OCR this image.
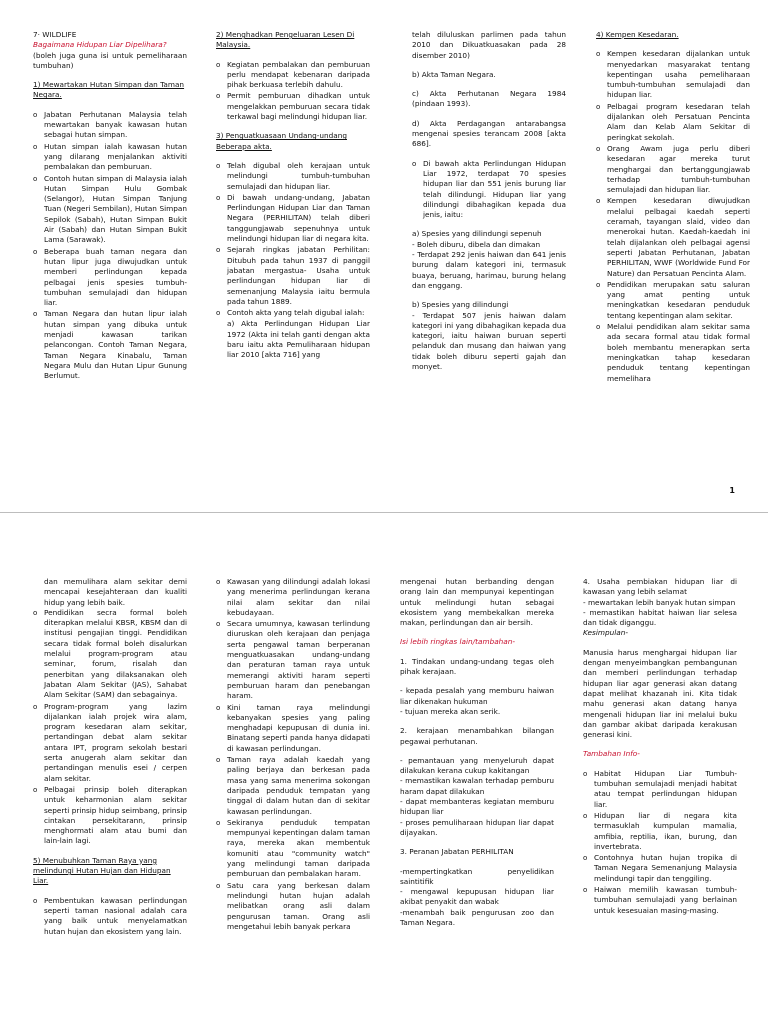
7· WILDLIFE

Bagaimana Hidupan Liar Dipelihara?

(boleh juga guna isi untuk pemeliharaan tumbuhan)

1) Mewartakan Hutan Simpan dan Taman Negara.

o Jabatan Perhutanan Malaysia telah mewartakan banyak kawasan hutan sebagai hutan simpan.
o Hutan simpan ialah kawasan hutan yang dilarang menjalankan aktiviti pembalakan dan pemburuan.
o Contoh hutan simpan di Malaysia ialah Hutan Simpan Hulu Gombak (Selangor), Hutan Simpan Tanjung Tuan (Negeri Sembilan), Hutan Simpan Sepilok (Sabah), Hutan Simpan Bukit Air (Sabah) dan Hutan Simpan Bukit Lama (Sarawak).
o Beberapa buah taman negara dan hutan lipur juga diwujudkan untuk memberi perlindungan kepada pelbagai jenis spesies tumbuh-tumbuhan semulajadi dan hidupan liar.
o Taman Negara dan hutan lipur ialah hutan simpan yang dibuka untuk menjadi kawasan tarikan pelancongan. Contoh Taman Negara, Taman Negara Kinabalu, Taman Negara Mulu dan Hutan Lipur Gunung Berlumut.

2) Menghadkan Pengeluaran Lesen Di Malaysia.

o Kegiatan pembalakan dan pemburuan perlu mendapat kebenaran daripada pihak berkuasa terlebih dahulu.
o Permit pemburuan dihadkan untuk mengelakkan pemburuan secara tidak terkawal bagi melindungi hidupan liar.

3) Penguatkuasaan Undang-undang Beberapa akta.

o Telah digubal oleh kerajaan untuk melindungi tumbuh-tumbuhan semulajadi dan hidupan liar.
o Di bawah undang-undang, Jabatan Perlindungan Hidupan Liar dan Taman Negara (PERHILITAN) telah diberi tanggungjawab sepenuhnya untuk melindungi hidupan liar di negara kita.
o Sejarah ringkas jabatan Perhilitan: Ditubuh pada tahun 1937 di panggil jabatan mergastua- Usaha untuk perlindungan hidupan liar di semenanjung Malaysia iaitu bermula pada tahun 1889.
o Contoh akta yang telah digubal ialah:

a) Akta Perlindungan Hidupan Liar 1972 (Akta ini telah ganti dengan akta baru iaitu akta Pemuliharaan hidupan liar 2010 [akta 716] yang

telah diluluskan parlimen pada tahun 2010 dan Dikuatkuasakan pada 28 disember 2010)

b) Akta Taman Negara.

c) Akta Perhutanan Negara 1984 (pindaan 1993).

d) Akta Perdagangan antarabangsa mengenai spesies terancam 2008 [akta 686].

o Di bawah akta Perlindungan Hidupan Liar 1972, terdapat 70 spesies hidupan liar dan 551 jenis burung liar telah dilindungi. Hidupan liar yang dilindungi dibahagikan kepada dua jenis, iaitu:

a) Spesies yang dilindungi sepenuh

- Boleh diburu, dibela dan dimakan

- Terdapat 292 jenis haiwan dan 641 jenis burung dalam kategori ini, termasuk buaya, beruang, harimau, burung helang dan enggang.

b) Spesies yang dilindungi

- Terdapat 507 jenis haiwan dalam kategori ini yang dibahagikan kepada dua kategori, iaitu haiwan buruan seperti pelanduk dan musang dan haiwan yang tidak boleh diburu seperti gajah dan monyet.

4) Kempen Kesedaran.

o Kempen kesedaran dijalankan untuk menyedarkan masyarakat tentang kepentingan usaha pemeliharaan tumbuh-tumbuhan semulajadi dan hidupan liar.
o Pelbagai program kesedaran telah dijalankan oleh Persatuan Pencinta Alam dan Kelab Alam Sekitar di peringkat sekolah.
o Orang Awam juga perlu diberi kesedaran agar mereka turut menghargai dan bertanggungjawab terhadap tumbuh-tumbuhan semulajadi dan hidupan liar.
o Kempen kesedaran diwujudkan melalui pelbagai kaedah seperti ceramah, tayangan slaid, video dan menerokai hutan. Kaedah-kaedah ini telah dijalankan oleh pelbagai agensi seperti Jabatan Perhutanan, Jabatan PERHILITAN, WWF (Worldwide Fund For Nature) dan Persatuan Pencinta Alam.
o Pendidikan merupakan satu saluran yang amat penting untuk meningkatkan kesedaran penduduk tentang kepentingan alam sekitar.
o Melalui pendidikan alam sekitar sama ada secara formal atau tidak formal boleh membantu menerapkan serta meningkatkan tahap kesedaran penduduk tentang kepentingan memelihara
1

dan memulihara alam sekitar demi mencapai kesejahteraan dan kualiti hidup yang lebih baik.

o Pendidikan secra formal boleh diterapkan melalui KBSR, KBSM dan di institusi pengajian tinggi. Pendidikan secara tidak formal boleh disalurkan melalui program-program atau seminar, forum, risalah dan penerbitan yang dilaksanakan oleh Jabatan Alam Sekitar (JAS), Sahabat Alam Sekitar (SAM) dan sebagainya.
o Program-program yang lazim dijalankan ialah projek wira alam, program kesedaran alam sekitar, pertandingan debat alam sekitar antara IPT, program sekolah bestari serta anugerah alam sekitar dan pertandingan menulis esei / cerpen alam sekitar.
o Pelbagai prinsip boleh diterapkan untuk keharmonian alam sekitar seperti prinsip hidup seimbang, prinsip cintakan persekitarann, prinsip menghormati alam atau bumi dan lain-lain lagi.

5) Menubuhkan Taman Raya yang melindungi Hutan Hujan dan Hidupan Liar.

o Pembentukan kawasan perlindungan seperti taman nasional adalah cara yang baik untuk menyelamatkan hutan hujan dan ekosistem yang lain.
o Kawasan yang dilindungi adalah lokasi yang menerima perlindungan kerana nilai alam sekitar dan nilai kebudayaan.
o Secara umumnya, kawasan terlindung diuruskan oleh kerajaan dan penjaga serta pengawal taman berperanan menguatkuasakan undang-undang dan peraturan taman raya untuk memerangi aktiviti haram seperti pemburuan haram dan penebangan haram.
o Kini taman raya melindungi kebanyakan spesies yang paling menghadapi kepupusan di dunia ini. Binatang seperti panda hanya didapati di kawasan perlindungan.
o Taman raya adalah kaedah yang paling berjaya dan berkesan pada masa yang sama menerima sokongan daripada penduduk tempatan yang tinggal di dalam hutan dan di sekitar kawasan perlindungan.
o Sekiranya penduduk tempatan mempunyai kepentingan dalam taman raya, mereka akan membentuk komuniti atau "community watch" yang melindungi taman daripada pemburuan dan pembalakan haram.
o Satu cara yang berkesan dalam melindungi hutan hujan adalah melibatkan orang asli dalam pengurusan taman. Orang asli mengetahui lebih banyak perkara

mengenai hutan berbanding dengan orang lain dan mempunyai kepentingan untuk melindungi hutan sebagai ekosistem yang membekalkan mereka makan, perlindungan dan air bersih.

Isi lebih ringkas lain/tambahan-

1. Tindakan undang-undang tegas oleh pihak kerajaan.

- kepada pesalah yang memburu haiwan liar dikenakan hukuman

- tujuan mereka akan serik.

2. kerajaan menambahkan bilangan pegawai perhutanan.

- pemantauan yang menyeluruh dapat dilakukan kerana cukup kakitangan

- memastikan kawalan terhadap pemburu haram dapat dilakukan

- dapat membanteras kegiatan memburu hidupan liar

- proses pemuliharaan hidupan liar dapat dijayakan.

3. Peranan Jabatan PERHILITAN

-mempertingkatkan penyelidikan saintitifik

- mengawal kepupusan hidupan liar akibat penyakit dan wabak

-menambah baik pengurusan zoo dan Taman Negara.

4. Usaha pembiakan hidupan liar di kawasan yang lebih selamat

- mewartakan lebih banyak hutan simpan

- memastikan habitat haiwan liar selesa dan tidak diganggu.

Kesimpulan-

Manusia harus menghargai hidupan liar dengan menyeimbangkan pembangunan dan memberi perlindungan terhadap hidupan liar agar generasi akan datang dapat melihat khazanah ini. Kita tidak mahu generasi akan datang hanya mengenali hidupan liar ini melalui buku dan gambar akibat daripada kerakusan generasi kini.

Tambahan Info-

o Habitat Hidupan Liar Tumbuh-tumbuhan semulajadi menjadi habitat atau tempat perlindungan hidupan liar.
o Hidupan liar di negara kita termasuklah kumpulan mamalia, amfibia, reptilia, ikan, burung, dan invertebrata.
o Contohnya hutan hujan tropika di Taman Negara Semenanjung Malaysia melindungi tapir dan tenggiling.
o Haiwan memilih kawasan tumbuh-tumbuhan semulajadi yang berlainan untuk kesesuaian masing-masing.
